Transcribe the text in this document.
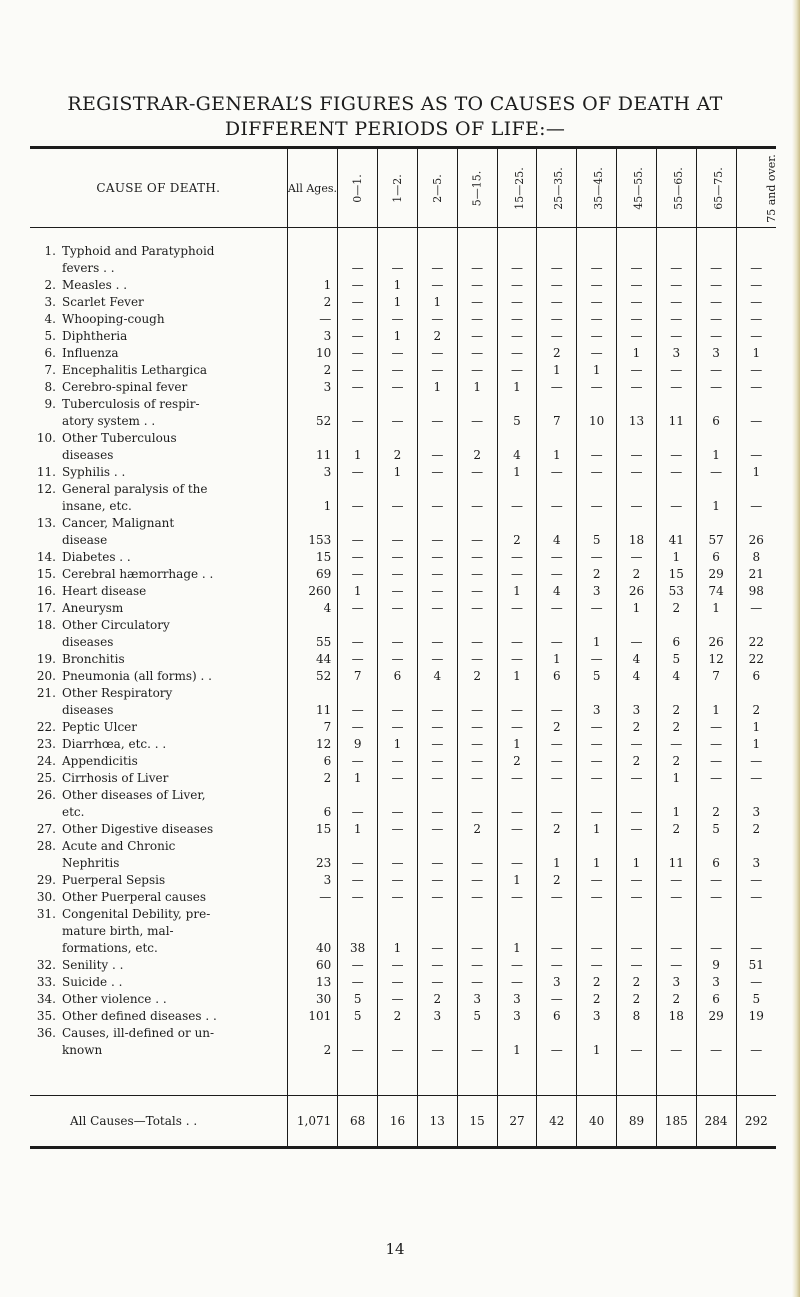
REGISTRAR-GENERAL’S FIGURES AS TO CAUSES OF DEATH AT
DIFFERENT PERIODS OF LIFE:—
CAUSE OF DEATH.	All Ages.	0—1.	1—2.	2—5.	5—15.	15—25.	25—35.	35—45.	45—55.	55—65.	65—75.	75 and over.

1. Typhoid and Paratyphoid
fevers . .		—	—	—	—	—	—	—	—	—	—	—

2. Measles . .	1	—	1	—	—	—	—	—	—	—	—	—

3. Scarlet Fever	2	—	1	1	—	—	—	—	—	—	—	—

4. Whooping-cough	—	—	—	—	—	—	—	—	—	—	—	—

5. Diphtheria	3	—	1	2	—	—	—	—	—	—	—	—

6. Influenza	10	—	—	—	—	—	2	—	1	3	3	1

7. Encephalitis Lethargica	2	—	—	—	—	—	1	1	—	—	—	—

8. Cerebro-spinal fever	3	—	—	1	1	1	—	—	—	—	—	—

9. Tuberculosis of respir-
atory system . .	52	—	—	—	—	5	7	10	13	11	6	—

10. Other Tuberculous
diseases	11	1	2	—	2	4	1	—	—	—	1	—

11. Syphilis . .	3	—	1	—	—	1	—	—	—	—	—	1

12. General paralysis of the
insane, etc.	1	—	—	—	—	—	—	—	—	—	1	—

13. Cancer, Malignant
disease	153	—	—	—	—	2	4	5	18	41	57	26

14. Diabetes . .	15	—	—	—	—	—	—	—	—	1	6	8

15. Cerebral hæmorrhage . .	69	—	—	—	—	—	—	2	2	15	29	21

16. Heart disease	260	1	—	—	—	1	4	3	26	53	74	98

17. Aneurysm	4	—	—	—	—	—	—	—	1	2	1	—

18. Other Circulatory
diseases	55	—	—	—	—	—	—	1	—	6	26	22

19. Bronchitis	44	—	—	—	—	—	1	—	4	5	12	22

20. Pneumonia (all forms) . .	52	7	6	4	2	1	6	5	4	4	7	6

21. Other Respiratory
diseases	11	—	—	—	—	—	—	3	3	2	1	2

22. Peptic Ulcer	7	—	—	—	—	—	2	—	2	2	—	1

23. Diarrhœa, etc. . .	12	9	1	—	—	1	—	—	—	—	—	1

24. Appendicitis	6	—	—	—	—	2	—	—	2	2	—	—

25. Cirrhosis of Liver	2	1	—	—	—	—	—	—	—	1	—	—

26. Other diseases of Liver,
etc.	6	—	—	—	—	—	—	—	—	1	2	3

27. Other Digestive diseases	15	1	—	—	2	—	2	1	—	2	5	2

28. Acute and Chronic
Nephritis	23	—	—	—	—	—	1	1	1	11	6	3

29. Puerperal Sepsis	3	—	—	—	—	1	2	—	—	—	—	—

30. Other Puerperal causes	—	—	—	—	—	—	—	—	—	—	—	—

31. Congenital Debility, pre-
mature birth, mal-
formations, etc.	40	38	1	—	—	1	—	—	—	—	—	—

32. Senility . .	60	—	—	—	—	—	—	—	—	—	9	51

33. Suicide . .	13	—	—	—	—	—	3	2	2	3	3	—

34. Other violence . .	30	5	—	2	3	3	—	2	2	2	6	5

35. Other defined diseases . .	101	5	2	3	5	3	6	3	8	18	29	19

36. Causes, ill-defined or un-
known	2	—	—	—	—	1	—	1	—	—	—	—

All Causes—Totals . .	1,071	68	16	13	15	27	42	40	89	185	284	292
14
